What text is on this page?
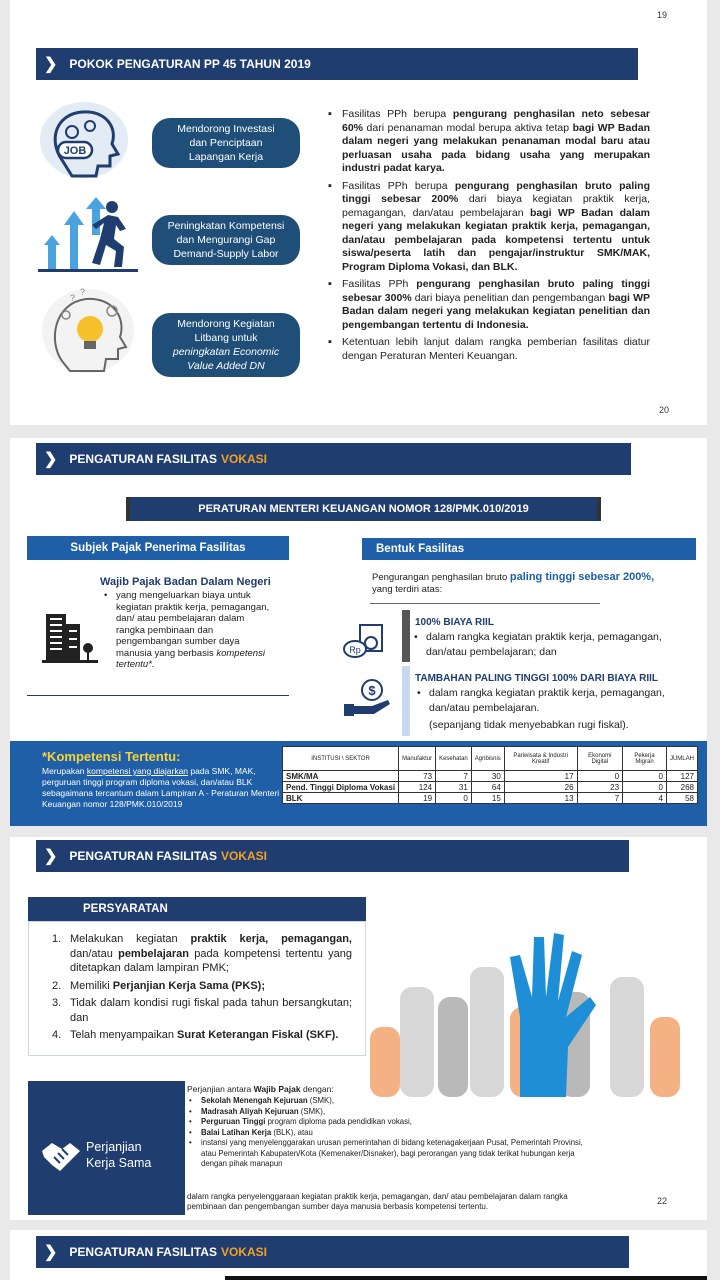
19
❯ POKOK PENGATURAN PP 45 TAHUN 2019
JOB
Mendorong Investasi
dan Penciptaan
Lapangan Kerja
Peningkatan Kompetensi
dan Mengurangi Gap
Demand-Supply Labor
?
?
Mendorong Kegiatan
Litbang untuk
peningkatan Economic
Value Added DN
▪ Fasilitas PPh berupa pengurang penghasilan neto sebesar 60% dari penanaman modal berupa aktiva tetap bagi WP Badan dalam negeri yang melakukan penanaman modal baru atau perluasan usaha pada bidang usaha yang merupakan industri padat karya.
▪ Fasilitas PPh berupa pengurang penghasilan bruto paling tinggi sebesar 200% dari biaya kegiatan praktik kerja, pemagangan, dan/atau pembelajaran bagi WP Badan dalam negeri yang melakukan kegiatan praktik kerja, pemagangan, dan/atau pembelajaran pada kompetensi tertentu untuk siswa/peserta latih dan pengajar/instruktur SMK/MAK, Program Diploma Vokasi, dan BLK.
▪ Fasilitas PPh pengurang penghasilan bruto paling tinggi sebesar 300% dari biaya penelitian dan pengembangan bagi WP Badan dalam negeri yang melakukan kegiatan penelitian dan pengembangan tertentu di Indonesia.
▪ Ketentuan lebih lanjut dalam rangka pemberian fasilitas diatur dengan Peraturan Menteri Keuangan.
20
❯ PENGATURAN FASILITAS VOKASI
PERATURAN MENTERI KEUANGAN NOMOR 128/PMK.010/2019
Subjek Pajak Penerima Fasilitas	Bentuk Fasilitas
Wajib Pajak Badan Dalam Negeri
• yang mengeluarkan biaya untuk kegiatan praktik kerja, pemagangan, dan/ atau pembelajaran dalam rangka pembinaan dan pengembangan sumber daya manusia yang berbasis kompetensi tertentu*.
Pengurangan penghasilan bruto paling tinggi sebesar 200%,
yang terdiri atas:
Rp
100% BIAYA RIIL
• dalam rangka kegiatan praktik kerja, pemagangan, dan/atau pembelajaran; dan
$
TAMBAHAN PALING TINGGI 100% DARI BIAYA RIIL
• dalam rangka kegiatan praktik kerja, pemagangan, dan/atau pembelajaran.
(sepanjang tidak menyebabkan rugi fiskal).
*Kompetensi Tertentu:
Merupakan kompetensi yang diajarkan pada SMK, MAK, perguruan tinggi program diploma vokasi, dan/atau BLK sebagaimana tercantum dalam Lampiran A - Peraturan Menteri Keuangan nomor 128/PMK.010/2019
INSTITUSI \ SEKTOR	Manufaktur	Kesehatan	Agribisnis	Pariwisata & Industri Kreatif	Ekonomi Digital	Pekerja Migran	JUMLAH
SMK/MA	73	7	30	17	0	0	127
Pend. Tinggi Diploma Vokasi	124	31	64	26	23	0	268
BLK	19	0	15	13	7	4	58
❯ PENGATURAN FASILITAS VOKASI
PERSYARATAN
1. Melakukan kegiatan praktik kerja, pemagangan, dan/atau pembelajaran pada kompetensi tertentu yang ditetapkan dalam lampiran PMK;
2. Memiliki Perjanjian Kerja Sama (PKS);
3. Tidak dalam kondisi rugi fiskal pada tahun bersangkutan; dan
4. Telah menyampaikan Surat Keterangan Fiskal (SKF).
Perjanjian
Kerja Sama
Perjanjian antara Wajib Pajak dengan:
• Sekolah Menengah Kejuruan (SMK),
• Madrasah Aliyah Kejuruan (SMK),
• Perguruan Tinggi program diploma pada pendidikan vokasi,
• Balai Latihan Kerja (BLK), atau
• instansi yang menyelenggarakan urusan pemerintahan di bidang ketenagakerjaan Pusat, Pemerintah Provinsi, atau Pemerintah Kabupaten/Kota (Kemenaker/Disnaker), bagi perorangan yang tidak terikat hubungan kerja dengan pihak manapun
dalam rangka penyelenggaraan kegiatan praktik kerja, pemagangan, dan/ atau pembelajaran dalam rangka pembinaan dan pengembangan sumber daya manusia berbasis kompetensi tertentu.
22
❯ PENGATURAN FASILITAS VOKASI
